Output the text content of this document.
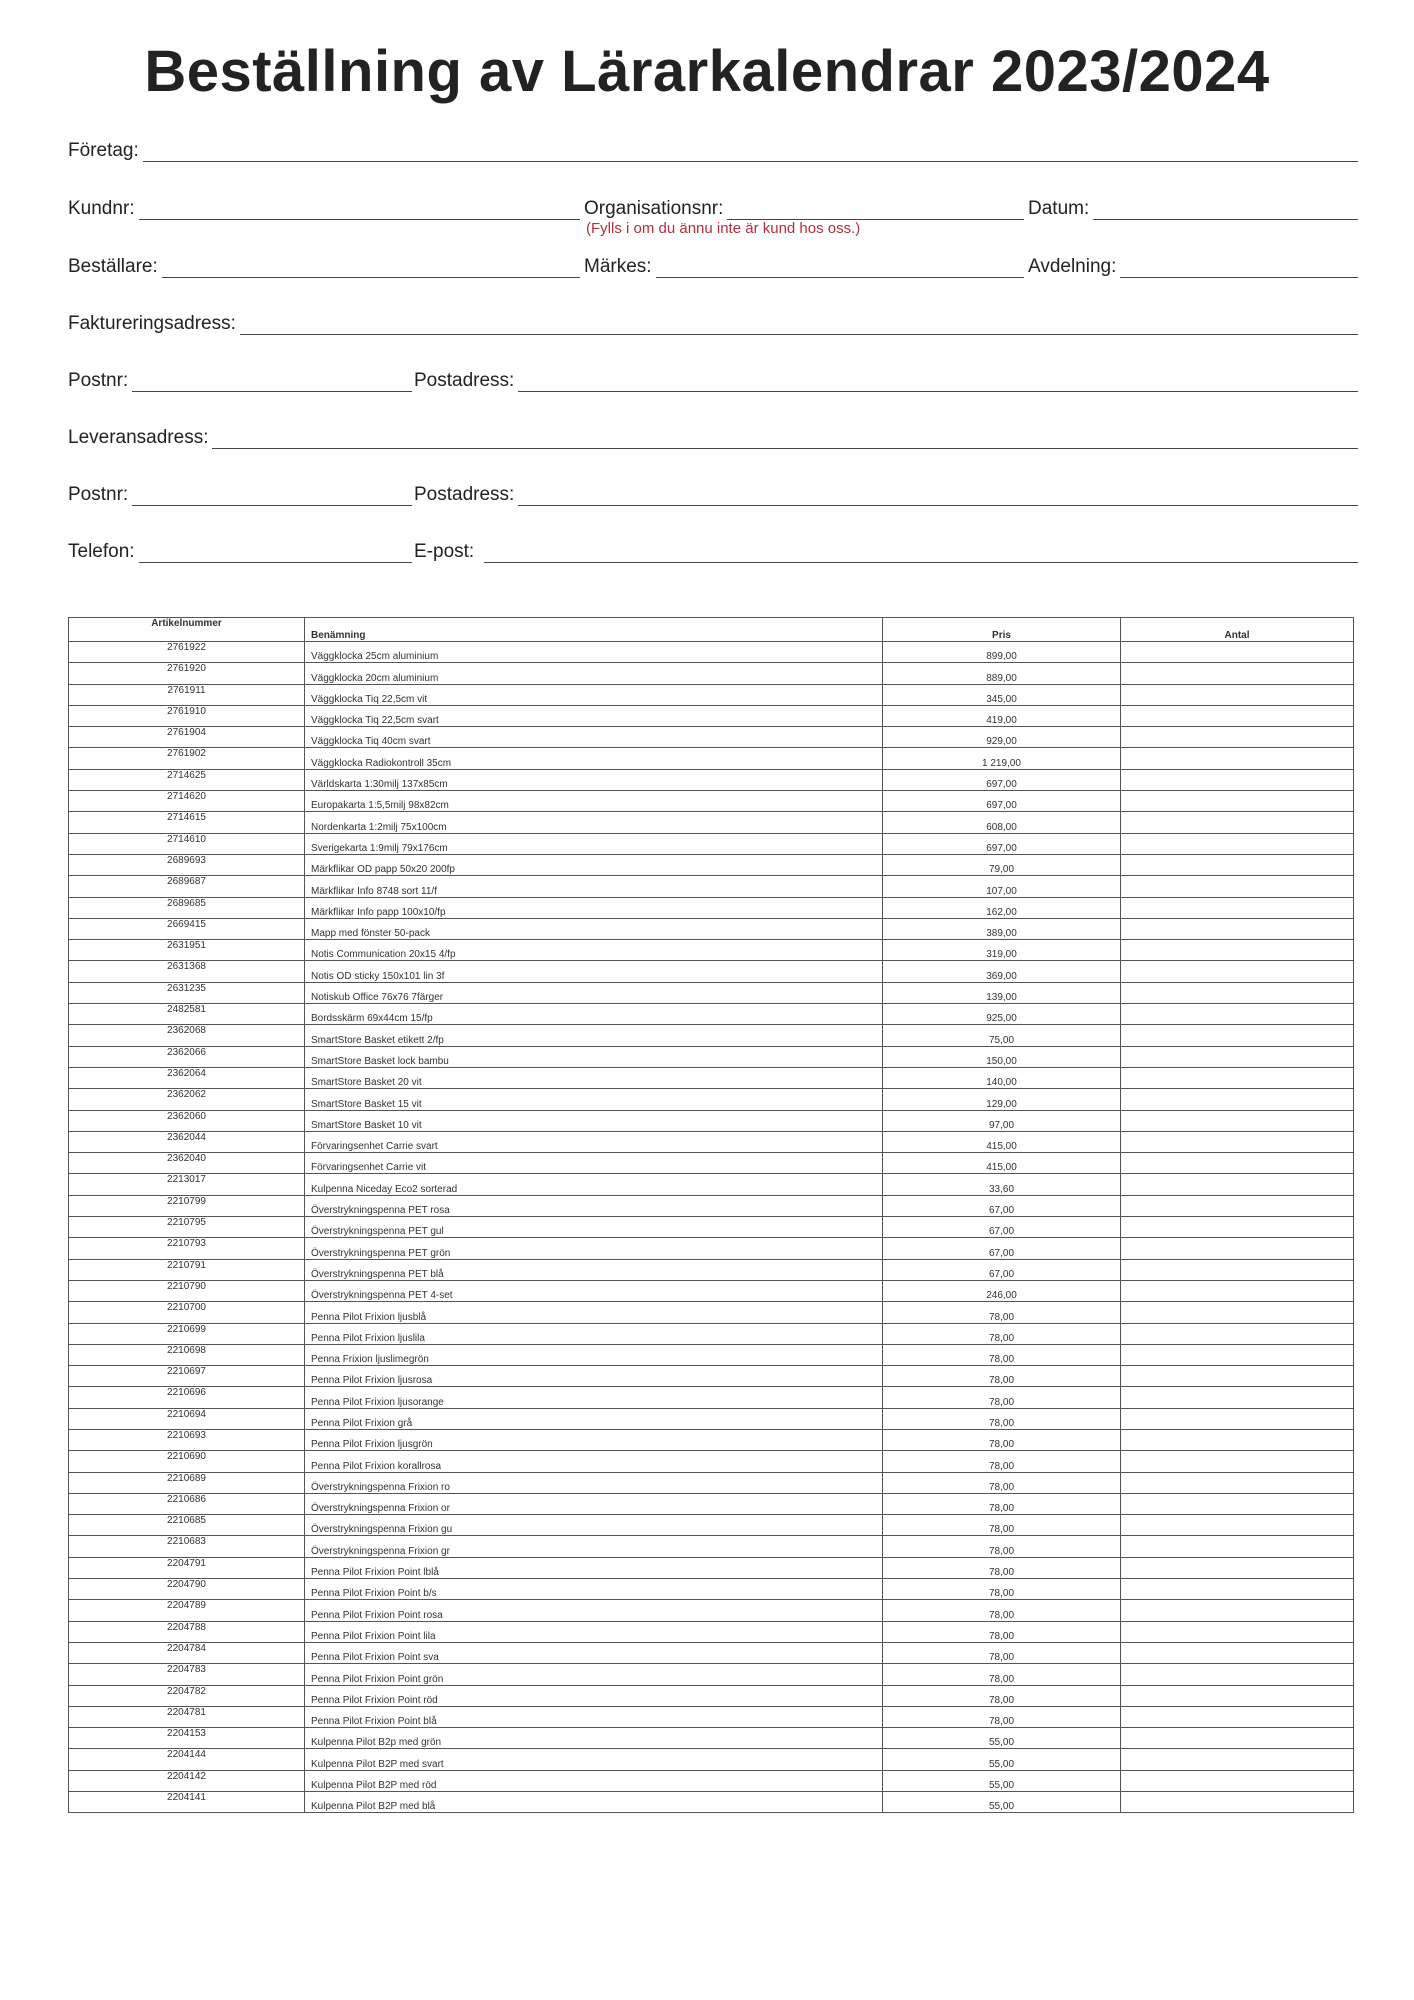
Beställning av Lärarkalendrar 2023/2024
Företag:
Kundnr:	Organisationsnr:	Datum:
(Fylls i om du ännu inte är kund hos oss.)
Beställare:	Märkes:	Avdelning:
Faktureringsadress:
Postnr:	Postadress:
Leveransadress:
Postnr:	Postadress:
Telefon:	E-post:
Artikelnummer	Benämning	Pris	Antal
2761922	Väggklocka 25cm aluminium	899,00	
2761920	Väggklocka 20cm aluminium	889,00	
2761911	Väggklocka Tiq 22,5cm vit	345,00	
2761910	Väggklocka Tiq 22,5cm svart	419,00	
2761904	Väggklocka Tiq 40cm svart	929,00	
2761902	Väggklocka Radiokontroll 35cm	1 219,00	
2714625	Världskarta 1:30milj 137x85cm	697,00	
2714620	Europakarta 1:5,5milj 98x82cm	697,00	
2714615	Nordenkarta 1:2milj 75x100cm	608,00	
2714610	Sverigekarta 1:9milj 79x176cm	697,00	
2689693	Märkflikar OD papp 50x20 200fp	79,00	
2689687	Märkflikar Info 8748 sort 11/f	107,00	
2689685	Märkflikar Info papp 100x10/fp	162,00	
2669415	Mapp med fönster 50-pack	389,00	
2631951	Notis Communication 20x15 4/fp	319,00	
2631368	Notis OD sticky 150x101 lin 3f	369,00	
2631235	Notiskub Office 76x76 7färger	139,00	
2482581	Bordsskärm 69x44cm 15/fp	925,00	
2362068	SmartStore Basket etikett 2/fp	75,00	
2362066	SmartStore Basket lock bambu	150,00	
2362064	SmartStore Basket 20 vit	140,00	
2362062	SmartStore Basket 15 vit	129,00	
2362060	SmartStore Basket 10 vit	97,00	
2362044	Förvaringsenhet Carrie svart	415,00	
2362040	Förvaringsenhet Carrie vit	415,00	
2213017	Kulpenna Niceday Eco2 sorterad	33,60	
2210799	Överstrykningspenna PET rosa	67,00	
2210795	Överstrykningspenna PET gul	67,00	
2210793	Överstrykningspenna PET grön	67,00	
2210791	Överstrykningspenna PET blå	67,00	
2210790	Överstrykningspenna PET 4-set	246,00	
2210700	Penna Pilot Frixion ljusblå	78,00	
2210699	Penna Pilot Frixion ljuslila	78,00	
2210698	Penna Frixion ljuslimegrön	78,00	
2210697	Penna Pilot Frixion ljusrosa	78,00	
2210696	Penna Pilot Frixion ljusorange	78,00	
2210694	Penna Pilot Frixion grå	78,00	
2210693	Penna Pilot Frixion ljusgrön	78,00	
2210690	Penna Pilot Frixion korallrosa	78,00	
2210689	Överstrykningspenna Frixion ro	78,00	
2210686	Överstrykningspenna Frixion or	78,00	
2210685	Överstrykningspenna Frixion gu	78,00	
2210683	Överstrykningspenna Frixion gr	78,00	
2204791	Penna Pilot Frixion Point lblå	78,00	
2204790	Penna Pilot Frixion Point b/s	78,00	
2204789	Penna Pilot Frixion Point rosa	78,00	
2204788	Penna Pilot Frixion Point lila	78,00	
2204784	Penna Pilot Frixion Point sva	78,00	
2204783	Penna Pilot Frixion Point grön	78,00	
2204782	Penna Pilot Frixion Point röd	78,00	
2204781	Penna Pilot Frixion Point blå	78,00	
2204153	Kulpenna Pilot B2p med grön	55,00	
2204144	Kulpenna Pilot B2P med svart	55,00	
2204142	Kulpenna Pilot B2P med röd	55,00	
2204141	Kulpenna Pilot B2P med blå	55,00	
